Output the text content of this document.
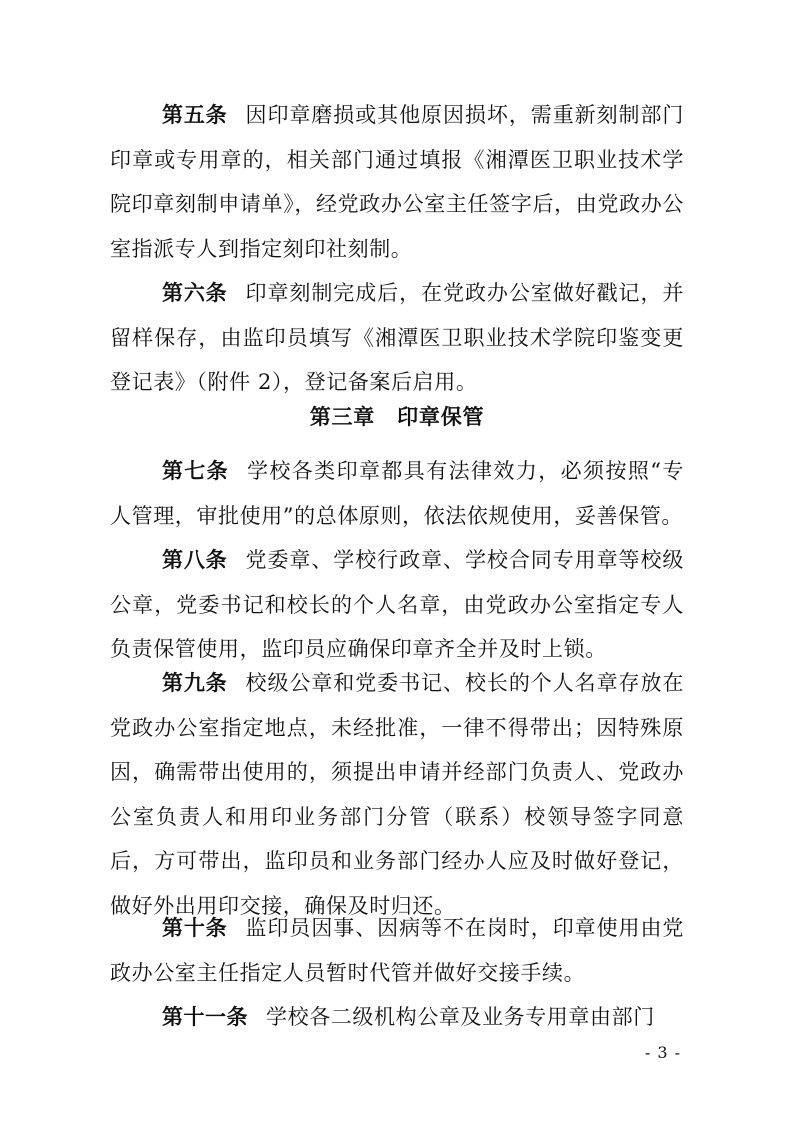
第五条 因印章磨损或其他原因损坏，需重新刻制部门印章或专用章的，相关部门通过填报《湘潭医卫职业技术学院印章刻制申请单》，经党政办公室主任签字后，由党政办公室指派专人到指定刻印社刻制。

第六条 印章刻制完成后，在党政办公室做好戳记，并留样保存，由监印员填写《湘潭医卫职业技术学院印鉴变更登记表》（附件 2），登记备案后启用。

第三章 印章保管

第七条 学校各类印章都具有法律效力，必须按照“专人管理，审批使用”的总体原则，依法依规使用，妥善保管。

第八条 党委章、学校行政章、学校合同专用章等校级公章，党委书记和校长的个人名章，由党政办公室指定专人负责保管使用，监印员应确保印章齐全并及时上锁。

第九条 校级公章和党委书记、校长的个人名章存放在党政办公室指定地点，未经批准，一律不得带出；因特殊原因，确需带出使用的，须提出申请并经部门负责人、党政办公室负责人和用印业务部门分管（联系）校领导签字同意后，方可带出，监印员和业务部门经办人应及时做好登记，做好外出用印交接，确保及时归还。

第十条 监印员因事、因病等不在岗时，印章使用由党政办公室主任指定人员暂时代管并做好交接手续。

第十一条 学校各二级机构公章及业务专用章由部门

- 3 -
